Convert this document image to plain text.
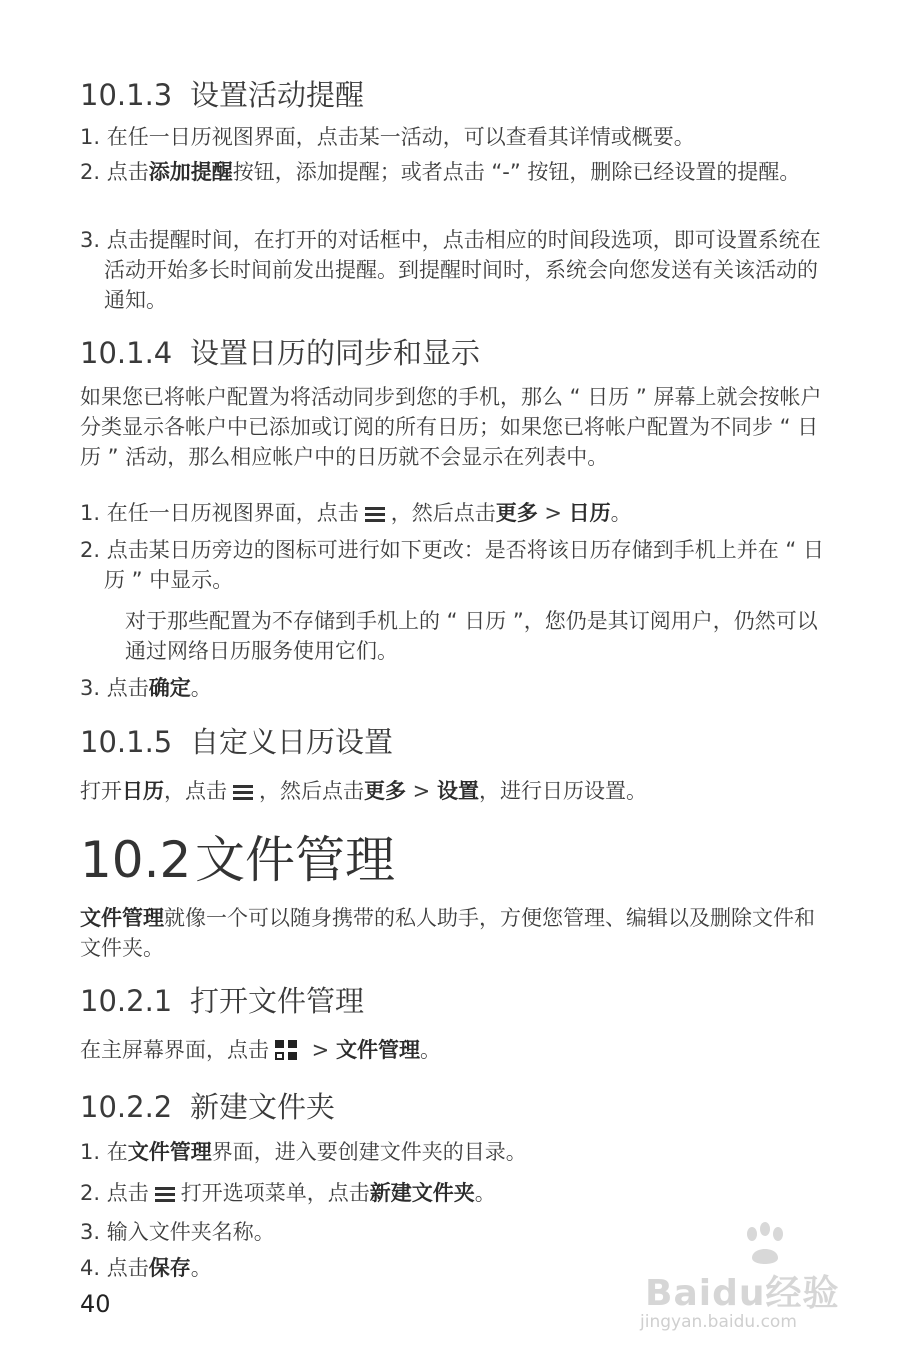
10.1.3 设置活动提醒
1. 在任一日历视图界面，点击某一活动，可以查看其详情或概要。
2. 点击添加提醒按钮，添加提醒；或者点击 “-” 按钮，删除已经设置的提醒。
3. 点击提醒时间，在打开的对话框中，点击相应的时间段选项，即可设置系统在活动开始多长时间前发出提醒。到提醒时间时，系统会向您发送有关该活动的通知。
10.1.4 设置日历的同步和显示
如果您已将帐户配置为将活动同步到您的手机，那么 “ 日历 ” 屏幕上就会按帐户分类显示各帐户中已添加或订阅的所有日历；如果您已将帐户配置为不同步 “ 日历 ” 活动，那么相应帐户中的日历就不会显示在列表中。
1. 在任一日历视图界面，点击 ，然后点击更多 > 日历。
2. 点击某日历旁边的图标可进行如下更改：是否将该日历存储到手机上并在 “ 日历 ” 中显示。
对于那些配置为不存储到手机上的 “ 日历 ”，您仍是其订阅用户，仍然可以通过网络日历服务使用它们。
3. 点击确定。
10.1.5 自定义日历设置
打开日历，点击 ，然后点击更多 > 设置，进行日历设置。
10.2文件管理
文件管理就像一个可以随身携带的私人助手，方便您管理、编辑以及删除文件和文件夹。
10.2.1 打开文件管理
在主屏幕界面，点击
> 文件管理。
10.2.2 新建文件夹
1. 在文件管理界面，进入要创建文件夹的目录。
2. 点击 打开选项菜单，点击新建文件夹。
3. 输入文件夹名称。
4. 点击保存。
40	Baidu经验
jingyan.baidu.com
